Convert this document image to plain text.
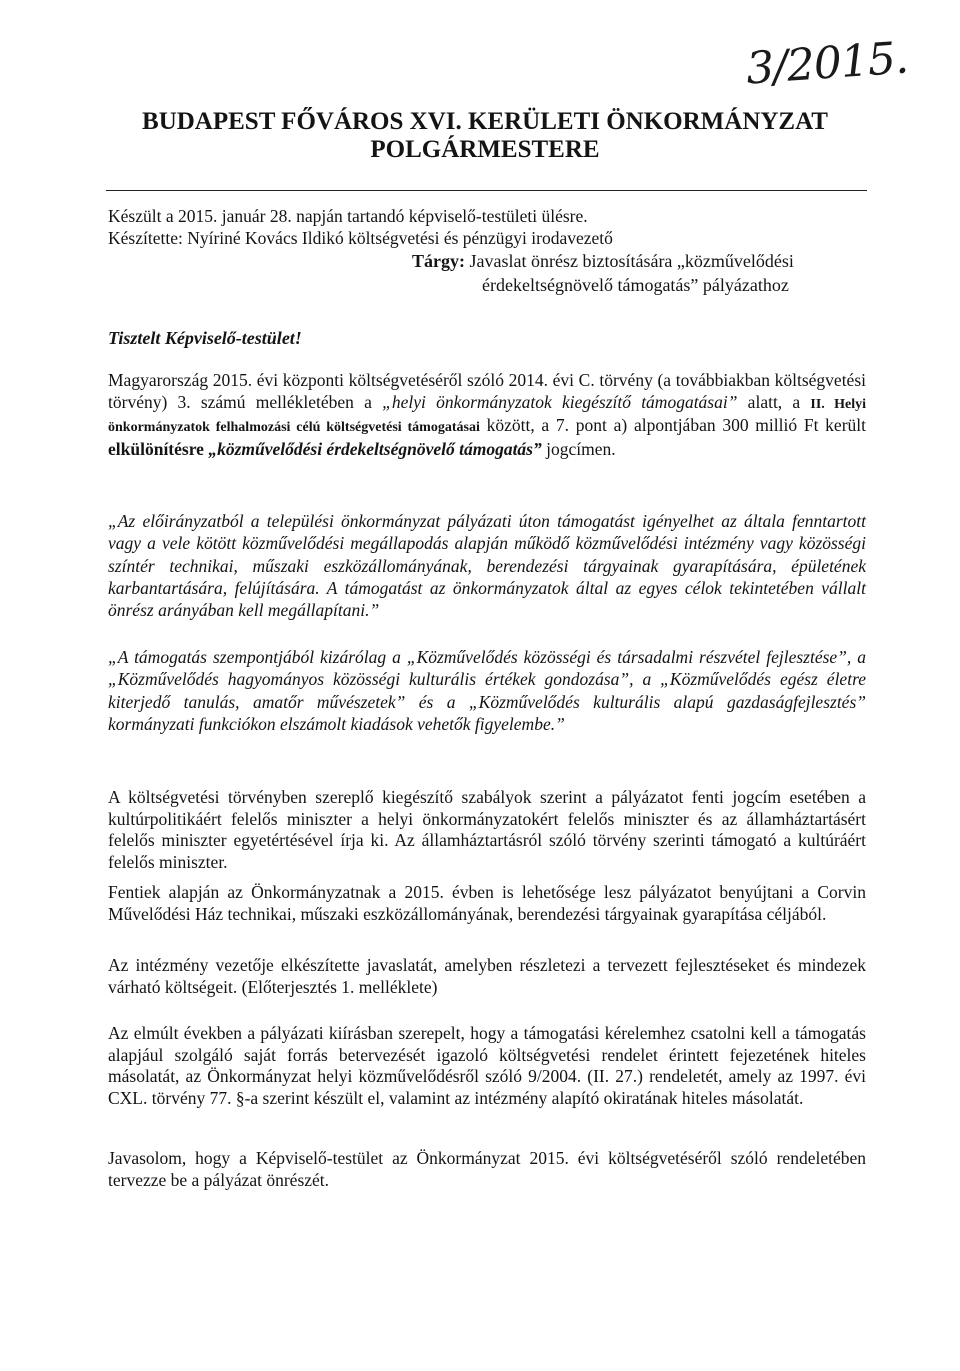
3/2015.
BUDAPEST FŐVÁROS XVI. KERÜLETI ÖNKORMÁNYZAT
POLGÁRMESTERE
Készült a 2015. január 28. napján tartandó képviselő-testületi ülésre.
Készítette: Nyíriné Kovács Ildikó költségvetési és pénzügyi irodavezető
Tárgy: Javaslat önrész biztosítására „közművelődési
érdekeltségnövelő támogatás” pályázathoz
Tisztelt Képviselő-testület!
Magyarország 2015. évi központi költségvetéséről szóló 2014. évi C. törvény (a továbbiakban költségvetési törvény) 3. számú mellékletében a „helyi önkormányzatok kiegészítő támogatásai” alatt, a II. Helyi önkormányzatok felhalmozási célú költségvetési támogatásai között, a 7. pont a) alpontjában 300 millió Ft került elkülönítésre „közművelődési érdekeltségnövelő támogatás” jogcímen.
„Az előirányzatból a települési önkormányzat pályázati úton támogatást igényelhet az általa fenntartott vagy a vele kötött közművelődési megállapodás alapján működő közművelődési intézmény vagy közösségi színtér technikai, műszaki eszközállományának, berendezési tárgyainak gyarapítására, épületének karbantartására, felújítására. A támogatást az önkormányzatok által az egyes célok tekintetében vállalt önrész arányában kell megállapítani.”
„A támogatás szempontjából kizárólag a „Közművelődés közösségi és társadalmi részvétel fejlesztése”, a „Közművelődés hagyományos közösségi kulturális értékek gondozása”, a „Közművelődés egész életre kiterjedő tanulás, amatőr művészetek” és a „Közművelődés kulturális alapú gazdaságfejlesztés” kormányzati funkciókon elszámolt kiadások vehetők figyelembe.”
A költségvetési törvényben szereplő kiegészítő szabályok szerint a pályázatot fenti jogcím esetében a kultúrpolitikáért felelős miniszter a helyi önkormányzatokért felelős miniszter és az államháztartásért felelős miniszter egyetértésével írja ki. Az államháztartásról szóló törvény szerinti támogató a kultúráért felelős miniszter.
Fentiek alapján az Önkormányzatnak a 2015. évben is lehetősége lesz pályázatot benyújtani a Corvin Művelődési Ház technikai, műszaki eszközállományának, berendezési tárgyainak gyarapítása céljából.
Az intézmény vezetője elkészítette javaslatát, amelyben részletezi a tervezett fejlesztéseket és mindezek várható költségeit. (Előterjesztés 1. melléklete)
Az elmúlt években a pályázati kiírásban szerepelt, hogy a támogatási kérelemhez csatolni kell a támogatás alapjául szolgáló saját forrás betervezését igazoló költségvetési rendelet érintett fejezetének hiteles másolatát, az Önkormányzat helyi közművelődésről szóló 9/2004. (II. 27.) rendeletét, amely az 1997. évi CXL. törvény 77. §-a szerint készült el, valamint az intézmény alapító okiratának hiteles másolatát.
Javasolom, hogy a Képviselő-testület az Önkormányzat 2015. évi költségvetéséről szóló rendeletében tervezze be a pályázat önrészét.
